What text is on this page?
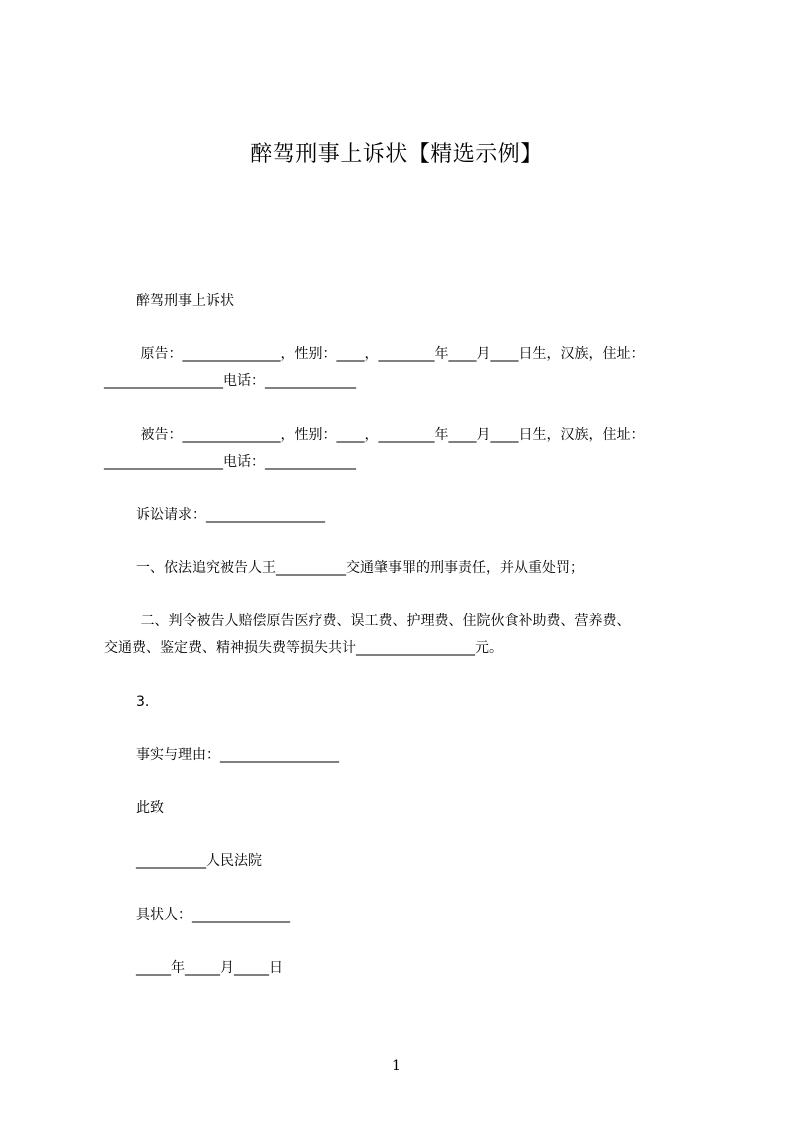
醉驾刑事上诉状【精选示例】

醉驾刑事上诉状

原告：______________，性别：____，________年____月____日生，汉族，住址：

_________________电话：_____________

被告：______________，性别：____，________年____月____日生，汉族，住址：

_________________电话：_____________

诉讼请求：_________________

一、依法追究被告人王__________交通肇事罪的刑事责任，并从重处罚；

二、判令被告人赔偿原告医疗费、误工费、护理费、住院伙食补助费、营养费、

交通费、鉴定费、精神损失费等损失共计_________________元。

3.

事实与理由：_________________

此致

__________人民法院

具状人：______________

_____年_____月_____日

1
